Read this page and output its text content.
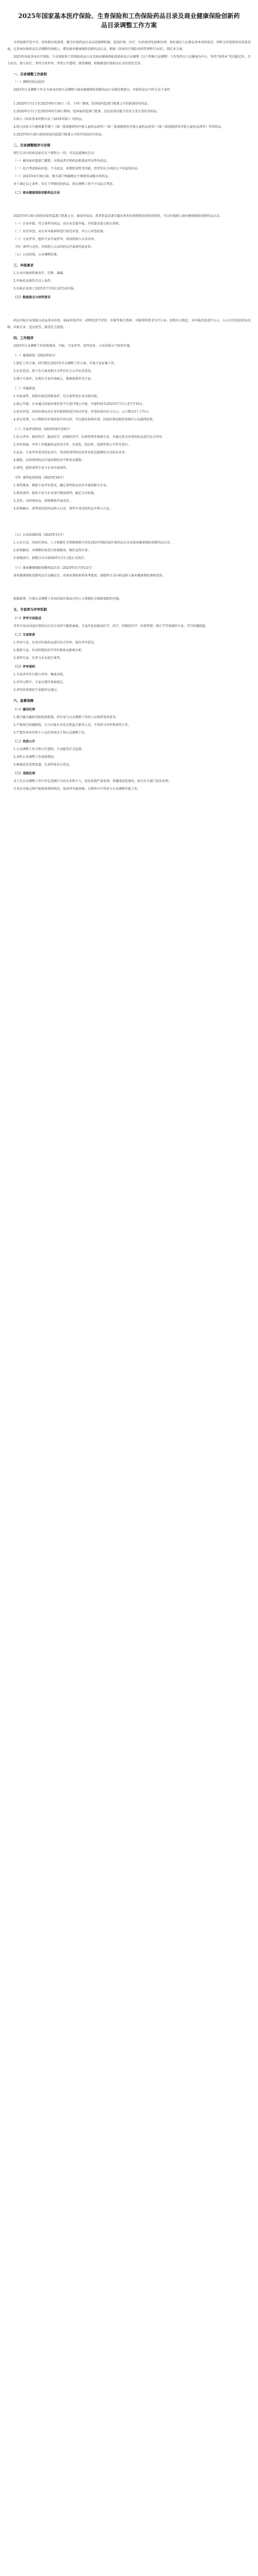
2025年国家基本医疗保险、生育保险和工伤保险药品目录及商业健康保险创新药品目录调整工作方案
为贯彻落实党中央、国务院决策部署，健全医保药品目录动态调整机制，促进医保、医疗、医药协同发展和治理，更好满足人民群众基本用药需求，同时支持创新药高质量发展，在基本医保药品目录调整的基础上，增设商业健康保险创新药品目录，根据《基本医疗保险用药管理暂行办法》，制定本方案。
2025年国家基本医疗保险、生育保险和工伤保险药品目录及商业健康保险创新药品目录调整（以下简称目录调整）工作坚持以人民健康为中心，坚持“保基本”的功能定位，尽力而为、量力而行，坚持专家评审，坚持公开透明，统筹兼顾，积极推进医保药品目录的优化完善。
一、目录调整工作原则
（一）调整的药品范围
2025年目录调整工作分为基本医保目录调整与商业健康保险创新药品目录制定两部分，申报药品应当符合以下条件：
1.2020年1月1日至2025年6月30日（含，下同）期间，经国家药监部门批准上市的新通用名药品。
2.2020年1月1日至2025年6月30日期间，经国家药监部门批准，适应症或功能主治发生重大变化的药品。
3.纳入《国家基本药物目录（2018年版）》的药品。
4.纳入国家卫生健康委等部门《第一批鼓励研发申报儿童药品清单》《第二批鼓励研发申报儿童药品清单》《第三批鼓励研发申报儿童药品清单》等的药品。
5.2025年6月30日前经国家药监部门批准上市的罕见病治疗药品。
二、目录调整程序与安排
现行目录内的药品如有以下情形之一的，可以直接调出目录：
（一）被国家药监部门撤销、吊销或者注销药品批准证明文件的药品；
（二）综合考虑临床价值、不良反应、药物经济性等因素，经评估认为风险大于收益的药品。
（三）2025年6月30日前，相关部门明确规定不再使用或撤市的药品。
对于满足以上条件、存在下列情况的药品，将在调整工作中予以综合考虑。
（二）商业健康保险创新药品目录
2025年6月30日前经国家药监部门批准上市，临床价值高、患者获益显著且超出基本医保保障范围的创新药，可以申报纳入商业健康保险创新药品目录。
（一）企业申报。符合条件的药品，由企业自愿申报，并按要求提交相关资料。
（二）形式审查。对企业申报材料进行形式审查，并公示审查结果。
（三）专家评审。组织专家开展评审，形成拟纳入目录名单。
（四）谈判与竞价。对拟纳入目录的药品开展谈判或竞价。
（五）公布结果。公布调整结果。
三、申报要求
1.企业申报材料须真实、完整、准确。
2.申报药品须符合以上条件。
3.申报企业需于2025年7月10日前完成申报。
（三）数据提交与材料要求
药品申报企业须提交药品基本信息、临床价值评价、药物经济学评价、价格等相关资料，申报资料要求另行公布。按照有关规定，对申报信息进行公示，公示内容包括药品名称、申报企业、适应症等，接受社会监督。
四、工作程序
2025年目录调整工作按照准备、申报、专家评审、谈判竞价、公布结果五个阶段实施。
（一）准备阶段（2025年6月）
1.制定工作方案。研究制定2025年目录调整工作方案，开展专家征集工作。
2.征求意见。将工作方案及相关文件向社会公开征求意见。
3.建立专家库。在现有专家库基础上，根据需要补充专家。
（二）申报阶段
1.申报条件。按照申报范围和条件，符合条件的企业自愿申报。
2.线上申报。企业通过国家医保信息平台进行线上申报，申报时间为2025年7月1日至7月10日。
3.形式审查。国家医保局对企业申报材料进行形式审查，审查结果向社会公示，公示期为5个工作日。
4.异议处理。公示期间对审查结果有异议的，可以提出复核申请，国家医保局组织复核后公布最终结果。
（三）专家评审阶段（2025年8月至9月）
1.综合评审。组织药学、临床医学、药物经济学、医保管理等领域专家，对通过形式审查的药品进行综合评审。
2.评审依据。评审工作根据药品的安全性、有效性、经济性、创新性和公平性等进行。
3.论证。专家评审意见经论证后，形成拟谈判药品名单及拟直接调出目录药品名单。
4.测算。对拟谈判药品开展药物经济学和基金测算。
5.谈判。组织谈判专家与企业开展谈判。
（四）谈判竞价阶段（2025年10月）
1.谈判准备。根据专家评审意见，确定谈判药品名单并通知相关企业。
2.现场谈判。组织专家与企业进行现场谈判，确定支付标准。
3.竞价。对同类药品，按照规则开展竞价。
4.结果确认。谈判成功的药品纳入目录，谈判不成功的药品不纳入目录。
（五）公布结果阶段（2025年11月）
1.公布目录。国家医保局、人力资源社会保障部联合印发2025年版国家医保药品目录及商业健康保险创新药品目录。
2.政策解读。对调整结果进行政策解读，做好宣传引导。
3.落地执行。新版目录自2026年1月1日起正式执行。
（六）商业健康保险创新药品目录（2025年11月至12月）
商业健康保险创新药品目录确定后，由商业保险机构参考使用，鼓励将目录内药品纳入商业健康保险保障范围。
根据部署，医保目录调整工作由国家医保局会同人力资源社会保障部组织实施。
五、专家库与评审机制
（一）评审专家组成
评审专家从国家医保药品目录专家库中随机抽取，专家库包括临床医学、药学、药物经济学、医保管理、统计学等领域的专家，实行回避制度。
（二）专家职责
1.评审专家。负责对申报药品进行综合评审，提出评审意见。
2.测算专家。负责药物经济学评价和基金影响分析。
3.谈判专家。负责与企业进行谈判。
（三）评审规则
1.专家评审实行独立评审、集体决策。
2.评审过程中，专家应遵守保密规定。
3.评审结果须经专家组审议通过。
六、监督保障
（一）廉洁纪律
1.建立健全廉政风险防控机制，所有参与目录调整工作的人员须签署承诺书。
2.严格执行回避制度，凡与申报企业存在利益关系的人员，不得参与评审和谈判工作。
3.严禁任何单位和个人以任何形式干预目录调整工作。
（二）信息公开
1.目录调整工作全程公开透明，主动接受社会监督。
2.及时公布调整工作进展情况。
3.畅通意见反馈渠道，认真听取各方意见。
（三）违规处理
对于在目录调整工作中存在违规行为的企业和个人，依法依规严肃处理，涉嫌违法犯罪的，移交有关部门依法处理。
企业在申报过程中提供虚假材料的，取消其申报资格，且两年内不得参与目录调整申报工作。
